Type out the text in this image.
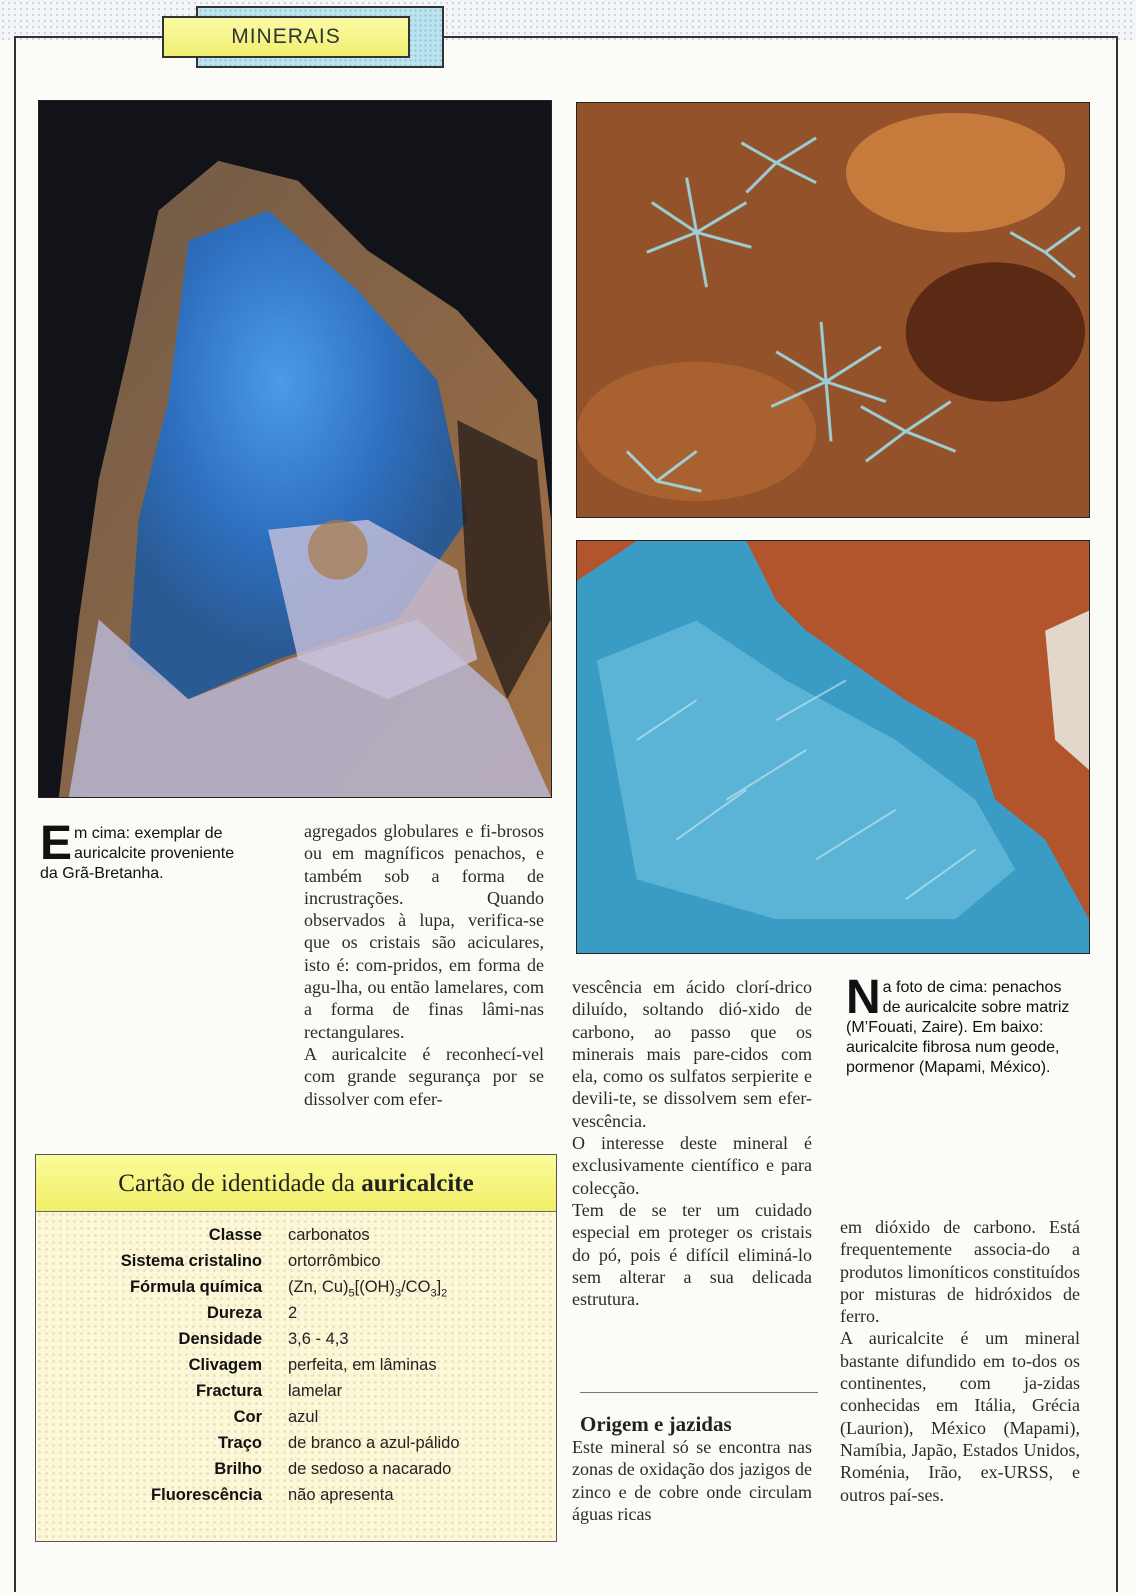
MINERAIS
Em cima: exemplar de auricalcite proveniente da Grã-Bretanha.

agregados globulares e fi-brosos ou em magníficos penachos, e também sob a forma de incrustrações. Quando observados à lupa, verifica-se que os cristais são aciculares, isto é: com-pridos, em forma de agu-lha, ou então lamelares, com a forma de finas lâmi-nas rectangulares.

A auricalcite é reconhecí-vel com grande segurança por se dissolver com efer-

vescência em ácido clorí-drico diluído, soltando dió-xido de carbono, ao passo que os minerais mais pare-cidos com ela, como os sulfatos serpierite e devili-te, se dissolvem sem efer-vescência.

O interesse deste mineral é exclusivamente científico e para colecção.

Tem de se ter um cuidado especial em proteger os cristais do pó, pois é difícil eliminá-lo sem alterar a sua delicada estrutura.

Origem e jazidas

Este mineral só se encontra nas zonas de oxidação dos jazigos de zinco e de cobre onde circulam águas ricas

Na foto de cima: penachos de auricalcite sobre matriz (M’Fouati, Zaire). Em baixo: auricalcite fibrosa num geode, pormenor (Mapami, México).

em dióxido de carbono. Está frequentemente associa-do a produtos limoníticos constituídos por misturas de hidróxidos de ferro.

A auricalcite é um mineral bastante difundido em to-dos os continentes, com ja-zidas conhecidas em Itália, Grécia (Laurion), México (Mapami), Namíbia, Japão, Estados Unidos, Roménia, Irão, ex-URSS, e outros paí-ses.

Cartão de identidade da auricalcite
Classe	carbonatos
Sistema cristalino	ortorrômbico
Fórmula química	(Zn, $Cu)_5[(OH)_3/CO_3]_2$
Dureza	2
Densidade	3,6 - 4,3
Clivagem	perfeita, em lâminas
Fractura	lamelar
Cor	azul
Traço	de branco a azul-pálido
Brilho	de sedoso a nacarado
Fluorescência	não apresenta
